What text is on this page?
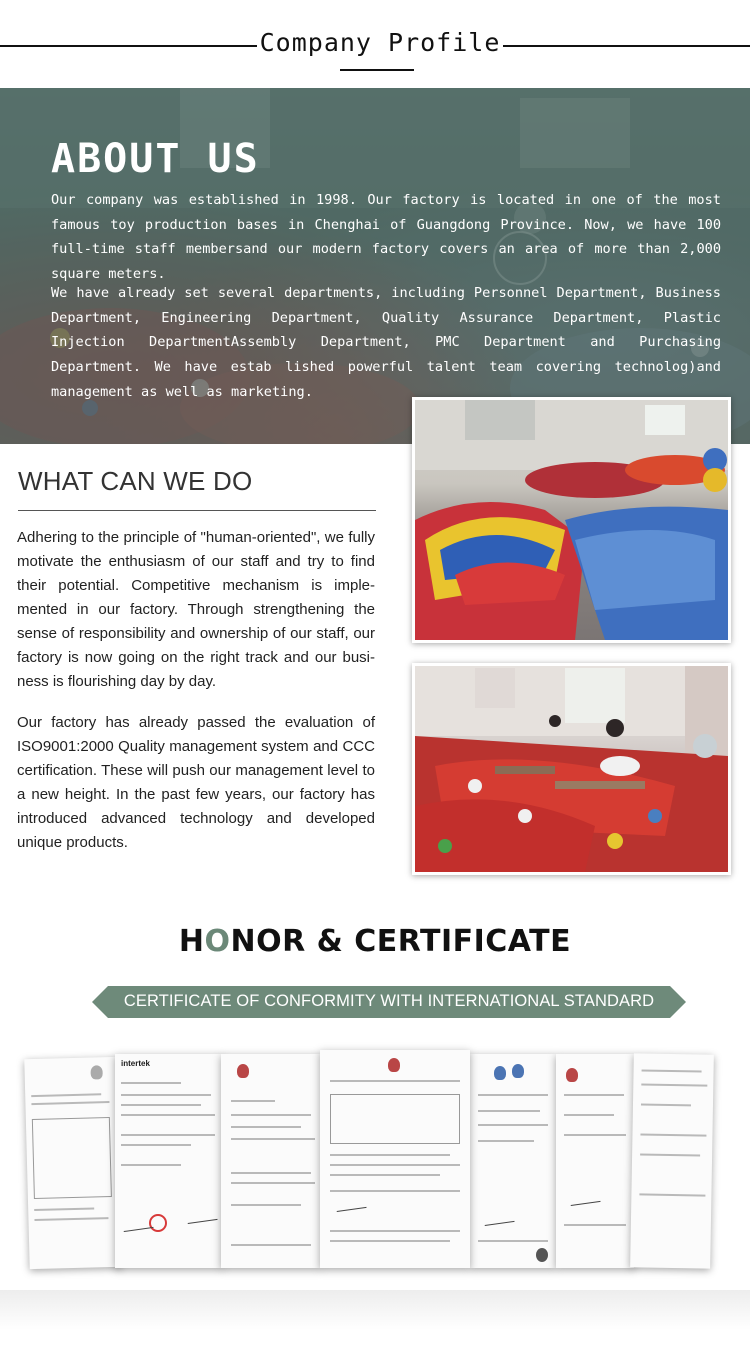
Company Profile
ABOUT US

Our company was established in 1998. Our factory is located in one of the most famous toy production bases in Chenghai of Guangdong Province. Now, we have 100 full-time staff membersand our modern factory covers an area of more than 2,000 square meters.

We have already set several departments, including Personnel Department, Business Department, Engineering Department, Quality Assurance Department, Plastic Injection DepartmentAssembly Department, PMC Department and Purchasing Department. We have estab lished powerful talent team covering technolog)and management as well as marketing.

WHAT CAN WE DO

Adhering to the principle of "human-oriented", we fully motivate the enthusiasm of our staff and try to find their potential. Competitive mechanism is imple-mented in our factory. Through strengthening the sense of responsibility and ownership of our staff, our factory is now going on the right track and our busi-ness is flourishing day by day.

Our factory has already passed the evaluation of ISO9001:2000 Quality management system and CCC certification. These will push our management level to a new height. In the past few years, our factory has introduced advanced technology and developed unique products.

HONOR & CERTIFICATE
CERTIFICATE OF CONFORMITY WITH INTERNATIONAL STANDARD
intertek
